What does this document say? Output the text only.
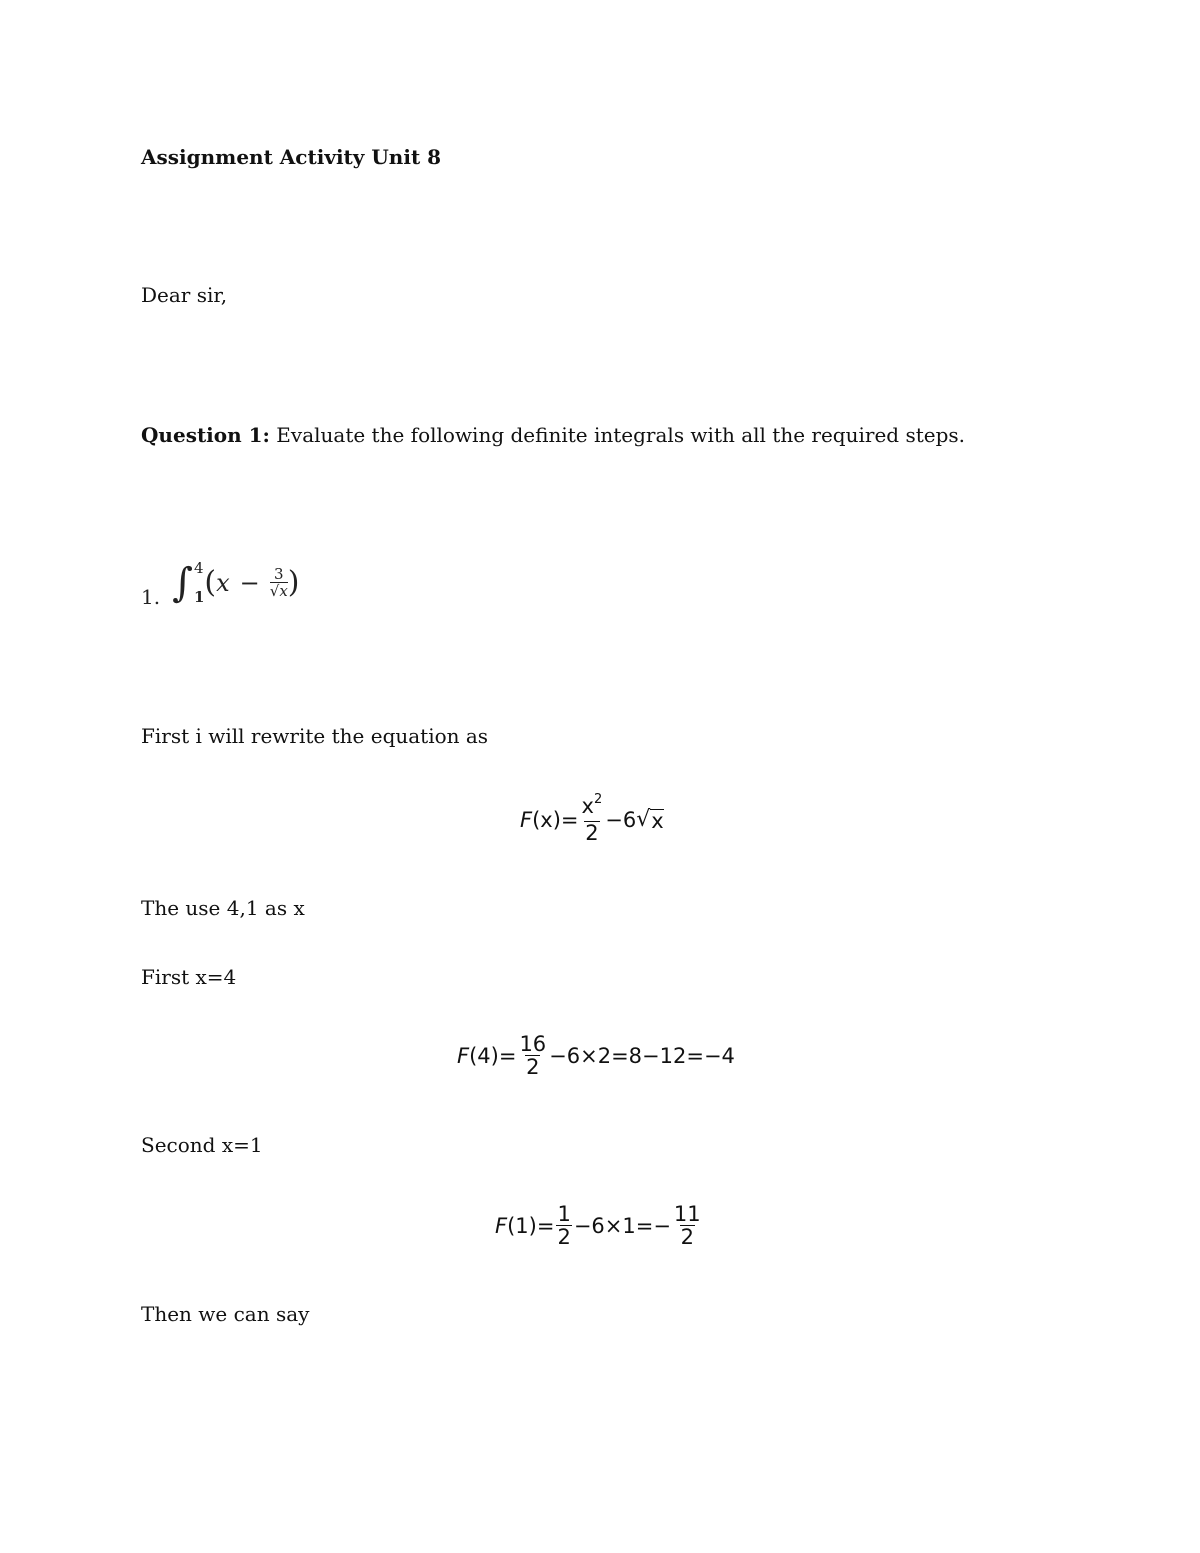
Assignment Activity Unit 8
Dear sir,
Question 1: Evaluate the following definite integrals with all the required steps.
1. ∫ 4
1 ( $x - \frac{3}{√x}$ )
First i will rewrite the equation as
F $(x)= \frac{x^2}{2} -6$ √ x
The use 4,1 as x
First x=4
F $(4)= \frac{16}{2} -6\times 2=8-12=-4$
Second x=1
F $(1)= \frac{1}{2} -6\times 1=- \frac{11}{2}$
Then we can say
